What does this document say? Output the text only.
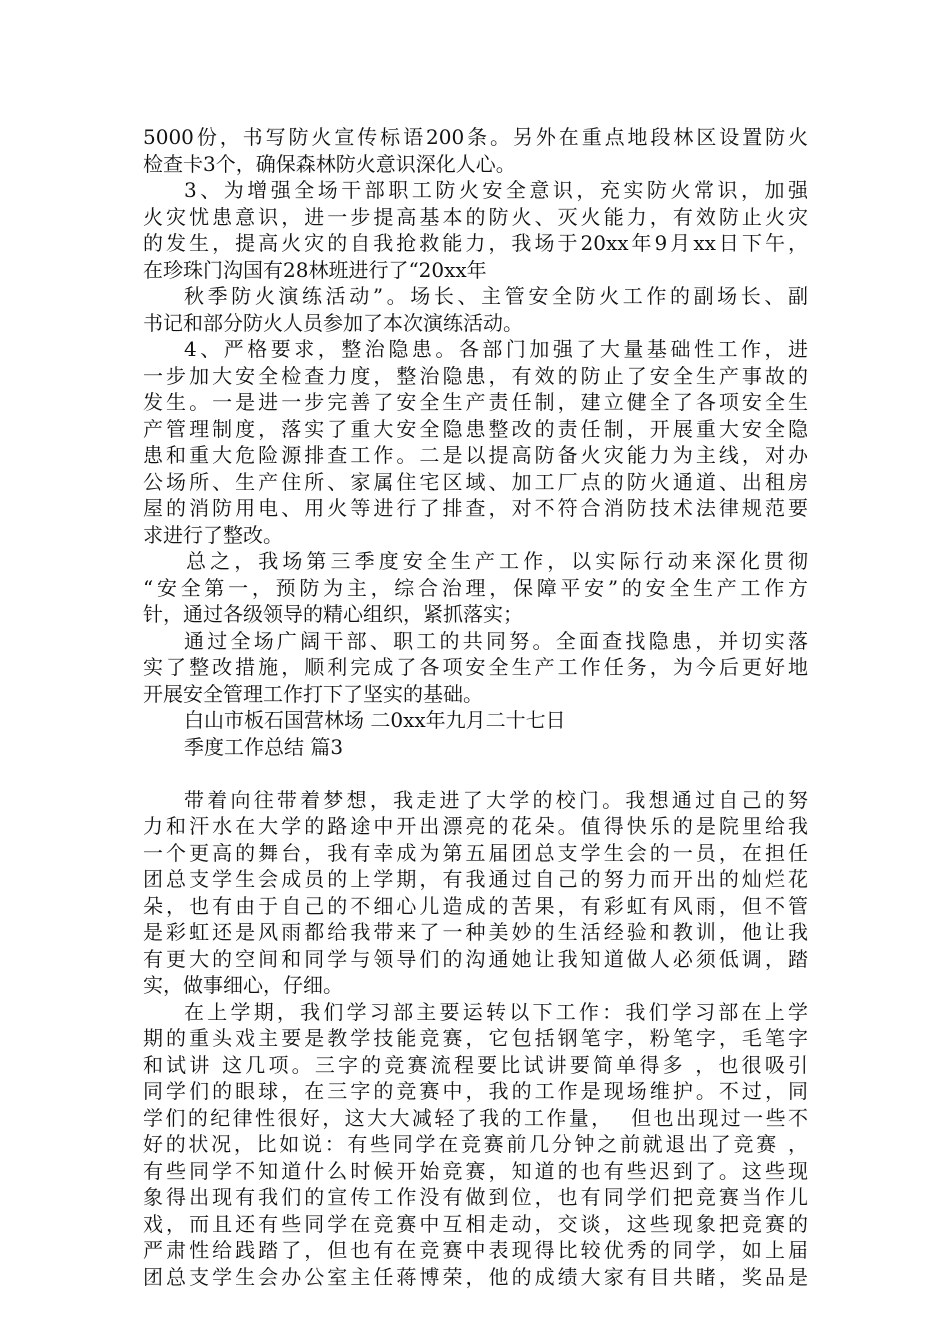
5000份，书写防火宣传标语200条。另外在重点地段林区设置防火
检查卡3个，确保森林防火意识深化人心。
3、为增强全场干部职工防火安全意识，充实防火常识，加强
火灾忧患意识，进一步提高基本的防火、灭火能力，有效防止火灾
的发生，提高火灾的自我抢救能力，我场于20xx年9月xx日下午，
在珍珠门沟国有28林班进行了“20xx年
秋季防火演练活动”。场长、主管安全防火工作的副场长、副
书记和部分防火人员参加了本次演练活动。
4、严格要求，整治隐患。各部门加强了大量基础性工作，进
一步加大安全检查力度，整治隐患，有效的防止了安全生产事故的
发生。一是进一步完善了安全生产责任制，建立健全了各项安全生
产管理制度，落实了重大安全隐患整改的责任制，开展重大安全隐
患和重大危险源排查工作。二是以提高防备火灾能力为主线，对办
公场所、生产住所、家属住宅区域、加工厂点的防火通道、出租房
屋的消防用电、用火等进行了排查，对不符合消防技术法律规范要
求进行了整改。
总之，我场第三季度安全生产工作，以实际行动来深化贯彻
“安全第一，预防为主，综合治理，保障平安”的安全生产工作方
针，通过各级领导的精心组织，紧抓落实；
通过全场广阔干部、职工的共同努。全面查找隐患，并切实落
实了整改措施，顺利完成了各项安全生产工作任务，为今后更好地
开展安全管理工作打下了坚实的基础。
白山市板石国营林场 二0xx年九月二十七日
季度工作总结 篇3
带着向往带着梦想，我走进了大学的校门。我想通过自己的努
力和汗水在大学的路途中开出漂亮的花朵。值得快乐的是院里给我
一个更高的舞台，我有幸成为第五届团总支学生会的一员，在担任
团总支学生会成员的上学期，有我通过自己的努力而开出的灿烂花
朵，也有由于自己的不细心儿造成的苦果，有彩虹有风雨，但不管
是彩虹还是风雨都给我带来了一种美妙的生活经验和教训，他让我
有更大的空间和同学与领导们的沟通她让我知道做人必须低调，踏
实，做事细心，仔细。
在上学期，我们学习部主要运转以下工作：我们学习部在上学
期的重头戏主要是教学技能竞赛，它包括钢笔字，粉笔字，毛笔字
和试讲 这几项。三字的竞赛流程要比试讲要简单得多 ，也很吸引
同学们的眼球，在三字的竞赛中，我的工作是现场维护。不过，同
学们的纪律性很好，这大大减轻了我的工作量，  但也出现过一些不
好的状况，比如说：有些同学在竞赛前几分钟之前就退出了竞赛 ，
有些同学不知道什么时候开始竞赛，知道的也有些迟到了。这些现
象得出现有我们的宣传工作没有做到位，也有同学们把竞赛当作儿
戏，而且还有些同学在竞赛中互相走动，交谈，这些现象把竞赛的
严肃性给践踏了，但也有在竞赛中表现得比较优秀的同学，如上届
团总支学生会办公室主任蒋博荣，他的成绩大家有目共睹，奖品是
